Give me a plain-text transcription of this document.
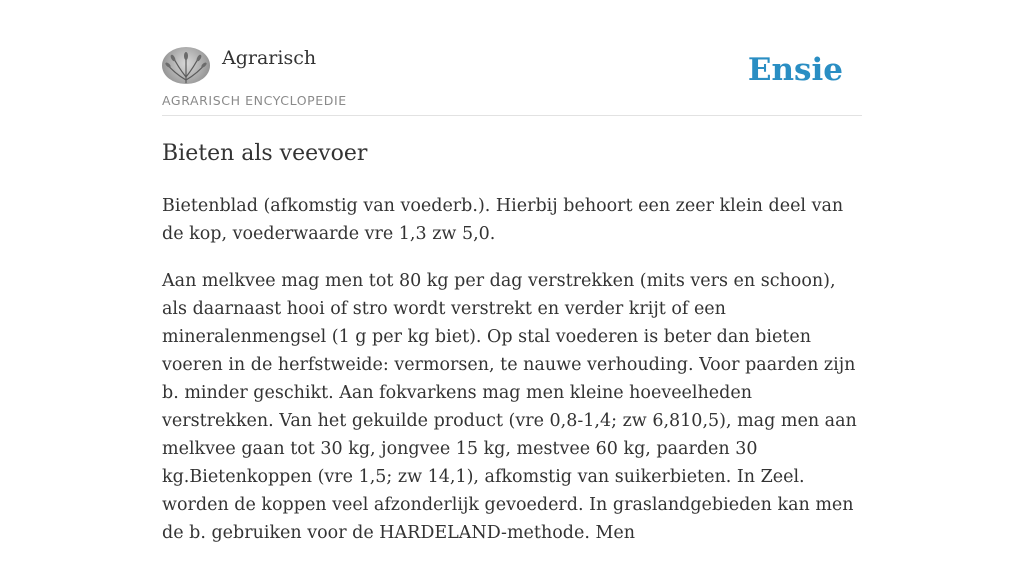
Agrarisch
AGRARISCH ENCYCLOPEDIE
Ensie
Bieten als veevoer

Bietenblad (afkomstig van voederb.). Hierbij behoort een zeer klein deel van de kop, voederwaarde vre 1,3 zw 5,0.

Aan melkvee mag men tot 80 kg per dag verstrekken (mits vers en schoon), als daarnaast hooi of stro wordt verstrekt en verder krijt of een mineralenmengsel (1 g per kg biet). Op stal voederen is beter dan bieten voeren in de herfstweide: vermorsen, te nauwe verhouding. Voor paarden zijn b. minder geschikt. Aan fokvarkens mag men kleine hoeveelheden verstrekken. Van het gekuilde product (vre 0,8-1,4; zw 6,810,5), mag men aan melkvee gaan tot 30 kg, jongvee 15 kg, mestvee 60 kg, paarden 30 kg.Bietenkoppen (vre 1,5; zw 14,1), afkomstig van suikerbieten. In Zeel. worden de koppen veel afzonderlijk gevoederd. In graslandgebieden kan men de b. gebruiken voor de HARDELAND-methode. Men
